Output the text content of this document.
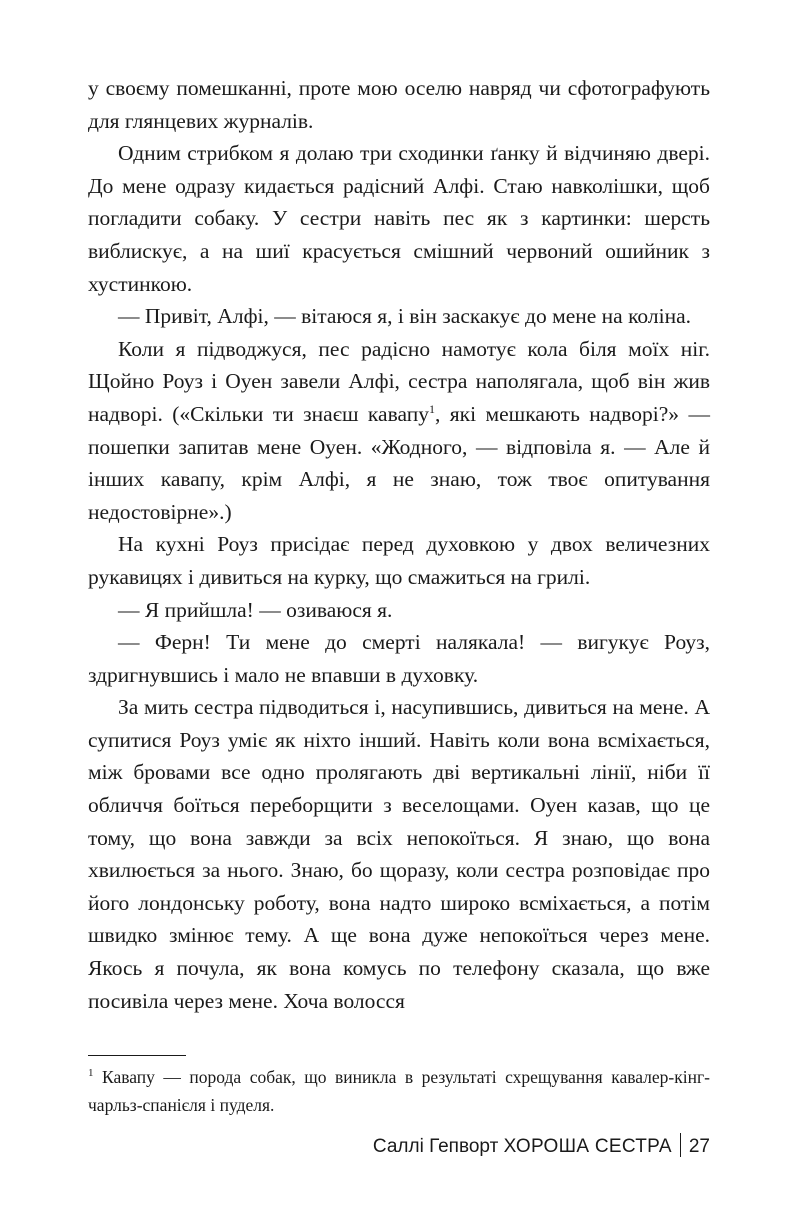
у своєму помешканні, проте мою оселю навряд чи сфотографують для глянцевих журналів.

Одним стрибком я долаю три сходинки ґанку й відчиняю двері. До мене одразу кидається радісний Алфі. Стаю навколішки, щоб погладити собаку. У сестри навіть пес як з картинки: шерсть виблискує, а на шиї красується смішний червоний ошийник з хустинкою.

— Привіт, Алфі, — вітаюся я, і він заскакує до мене на коліна.

Коли я підводжуся, пес радісно намотує кола біля моїх ніг. Щойно Роуз і Оуен завели Алфі, сестра наполягала, щоб він жив надворі. («Скільки ти знаєш кавапу$^1$, які мешкають надворі?» — пошепки запитав мене Оуен. «Жодного, — відповіла я. — Але й інших кавапу, крім Алфі, я не знаю, тож твоє опитування недостовірне».)

На кухні Роуз присідає перед духовкою у двох величезних рукавицях і дивиться на курку, що смажиться на грилі.

— Я прийшла! — озиваюся я.

— Ферн! Ти мене до смерті налякала! — вигукує Роуз, здригнувшись і мало не впавши в духовку.

За мить сестра підводиться і, насупившись, дивиться на мене. А супитися Роуз уміє як ніхто інший. Навіть коли вона всміхається, між бровами все одно пролягають дві вертикальні лінії, ніби її обличчя боїться переборщити з веселощами. Оуен казав, що це тому, що вона завжди за всіх непокоїться. Я знаю, що вона хвилюється за нього. Знаю, бо щоразу, коли сестра розповідає про його лондонську роботу, вона надто широко всміхається, а потім швидко змінює тему. А ще вона дуже непокоїться через мене. Якось я почула, як вона комусь по телефону сказала, що вже посивіла через мене. Хоча волосся

$^1$ Кавапу — порода собак, що виникла в результаті схрещування кавалер-кінг-чарльз-спанієля і пуделя.
Саллі Гепворт ХОРОША СЕСТРА 27
